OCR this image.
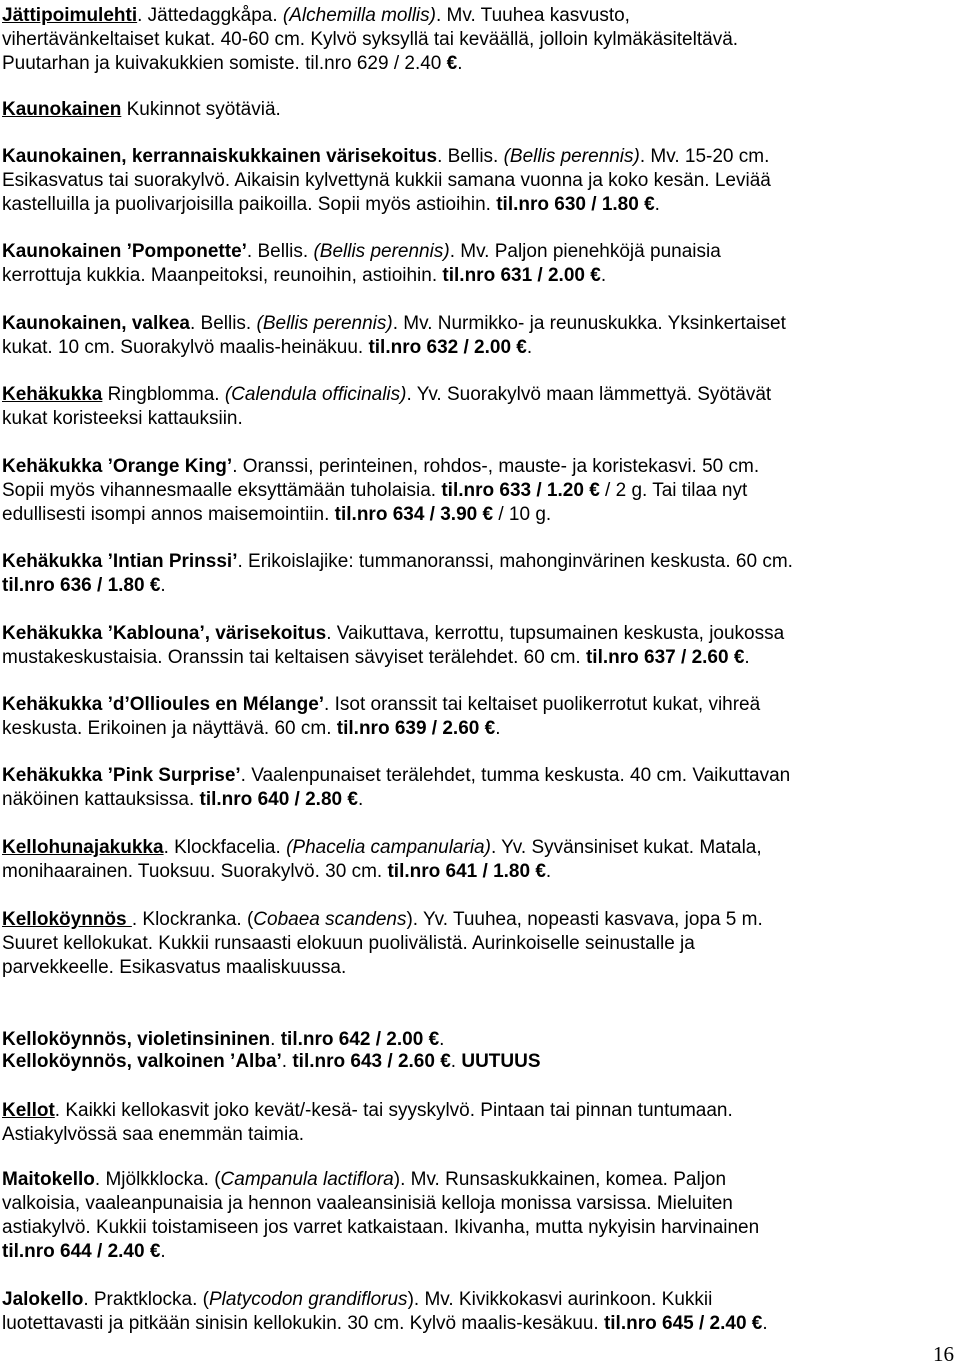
Jättipoimulehti. Jättedaggkåpa. (Alchemilla mollis). Mv. Tuuhea kasvusto,
vihertävänkeltaiset kukat. 40-60 cm. Kylvö syksyllä tai keväällä, jolloin kylmäkäsiteltävä.
Puutarhan ja kuivakukkien somiste. til.nro 629 / 2.40 €.

Kaunokainen Kukinnot syötäviä.

Kaunokainen, kerrannaiskukkainen värisekoitus. Bellis. (Bellis perennis). Mv. 15-20 cm.
Esikasvatus tai suorakylvö. Aikaisin kylvettynä kukkii samana vuonna ja koko kesän. Leviää
kastelluilla ja puolivarjoisilla paikoilla. Sopii myös astioihin. til.nro 630 / 1.80 €.

Kaunokainen ’Pomponette’. Bellis. (Bellis perennis). Mv. Paljon pienehköjä punaisia
kerrottuja kukkia. Maanpeitoksi, reunoihin, astioihin. til.nro 631 / 2.00 €.

Kaunokainen, valkea. Bellis. (Bellis perennis). Mv. Nurmikko- ja reunuskukka. Yksinkertaiset
kukat. 10 cm. Suorakylvö maalis-heinäkuu. til.nro 632 / 2.00 €.

Kehäkukka Ringblomma. (Calendula officinalis). Yv. Suorakylvö maan lämmettyä. Syötävät
kukat koristeeksi kattauksiin.

Kehäkukka ’Orange King’. Oranssi, perinteinen, rohdos-, mauste- ja koristekasvi. 50 cm.
Sopii myös vihannesmaalle eksyttämään tuholaisia. til.nro 633 / 1.20 € / 2 g. Tai tilaa nyt
edullisesti isompi annos maisemointiin. til.nro 634 / 3.90 € / 10 g.

Kehäkukka ’Intian Prinssi’. Erikoislajike: tummanoranssi, mahonginvärinen keskusta. 60 cm.
til.nro 636 / 1.80 €.

Kehäkukka ’Kablouna’, värisekoitus. Vaikuttava, kerrottu, tupsumainen keskusta, joukossa
mustakeskustaisia. Oranssin tai keltaisen sävyiset terälehdet. 60 cm. til.nro 637 / 2.60 €.

Kehäkukka ’d’Ollioules en Mélange’. Isot oranssit tai keltaiset puolikerrotut kukat, vihreä
keskusta. Erikoinen ja näyttävä. 60 cm. til.nro 639 / 2.60 €.

Kehäkukka ’Pink Surprise’. Vaalenpunaiset terälehdet, tumma keskusta. 40 cm. Vaikuttavan
näköinen kattauksissa. til.nro 640 / 2.80 €.

Kellohunajakukka. Klockfacelia. (Phacelia campanularia). Yv. Syvänsiniset kukat. Matala,
monihaarainen. Tuoksuu. Suorakylvö. 30 cm. til.nro 641 / 1.80 €.

Kelloköynnös . Klockranka. (Cobaea scandens). Yv. Tuuhea, nopeasti kasvava, jopa 5 m.
Suuret kellokukat. Kukkii runsaasti elokuun puolivälistä. Aurinkoiselle seinustalle ja
parvekkeelle. Esikasvatus maaliskuussa.

Kelloköynnös, violetinsininen. til.nro 642 / 2.00 €.

Kelloköynnös, valkoinen ’Alba’. til.nro 643 / 2.60 €. UUTUUS

Kellot. Kaikki kellokasvit joko kevät/-kesä- tai syyskylvö. Pintaan tai pinnan tuntumaan.
Astiakylvössä saa enemmän taimia.

Maitokello. Mjölkklocka. (Campanula lactiflora). Mv. Runsaskukkainen, komea. Paljon
valkoisia, vaaleanpunaisia ja hennon vaaleansinisiä kelloja monissa varsissa. Mieluiten
astiakylvö. Kukkii toistamiseen jos varret katkaistaan. Ikivanha, mutta nykyisin harvinainen
til.nro 644 / 2.40 €.

Jalokello. Praktklocka. (Platycodon grandiflorus). Mv. Kivikkokasvi aurinkoon. Kukkii
luotettavasti ja pitkään sinisin kellokukin. 30 cm. Kylvö maalis-kesäkuu. til.nro 645 / 2.40 €.

16
